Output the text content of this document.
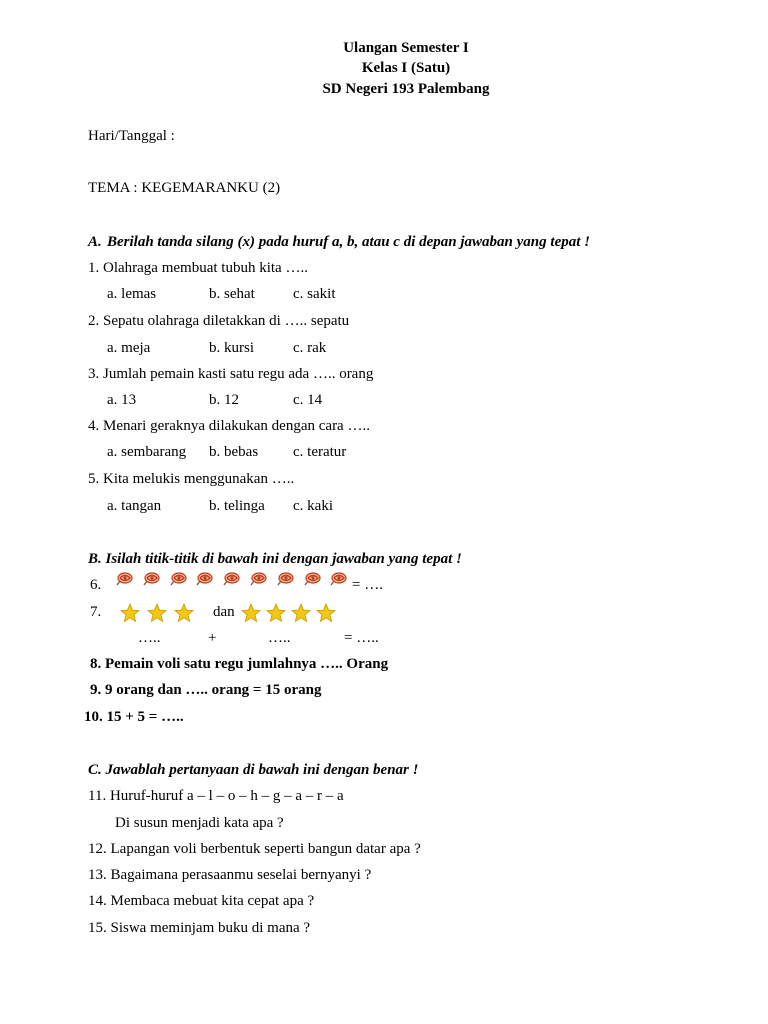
Ulangan Semester I
Kelas I (Satu)
SD Negeri 193 Palembang
Hari/Tanggal :
TEMA : KEGEMARANKU (2)
A. Berilah tanda silang (x) pada huruf a, b, atau c di depan jawaban yang tepat !
1. Olahraga membuat tubuh kita …..
a. lemas	b. sehat	c. sakit
2. Sepatu olahraga diletakkan di ….. sepatu
a. meja	b. kursi	c. rak
3. Jumlah pemain kasti satu regu ada ….. orang
a. 13	b. 12	c. 14
4. Menari geraknya dilakukan dengan cara …..
a. sembarang b. bebas c. teratur
5. Kita melukis menggunakan …..
a. tangan	b. telinga c. kaki
B. Isilah titik-titik di bawah ini dengan jawaban yang tepat !
6.	= ….
7.	dan
…..	+	…..	= …..
8. Pemain voli satu regu jumlahnya ….. Orang
9. 9 orang dan ….. orang = 15 orang
10. 15 + 5 = …..
C. Jawablah pertanyaan di bawah ini dengan benar !
11. Huruf-huruf a – l – o – h – g – a – r – a
Di susun menjadi kata apa ?
12. Lapangan voli berbentuk seperti bangun datar apa ?
13. Bagaimana perasaanmu seselai bernyanyi ?
14. Membaca mebuat kita cepat apa ?
15. Siswa meminjam buku di mana ?
